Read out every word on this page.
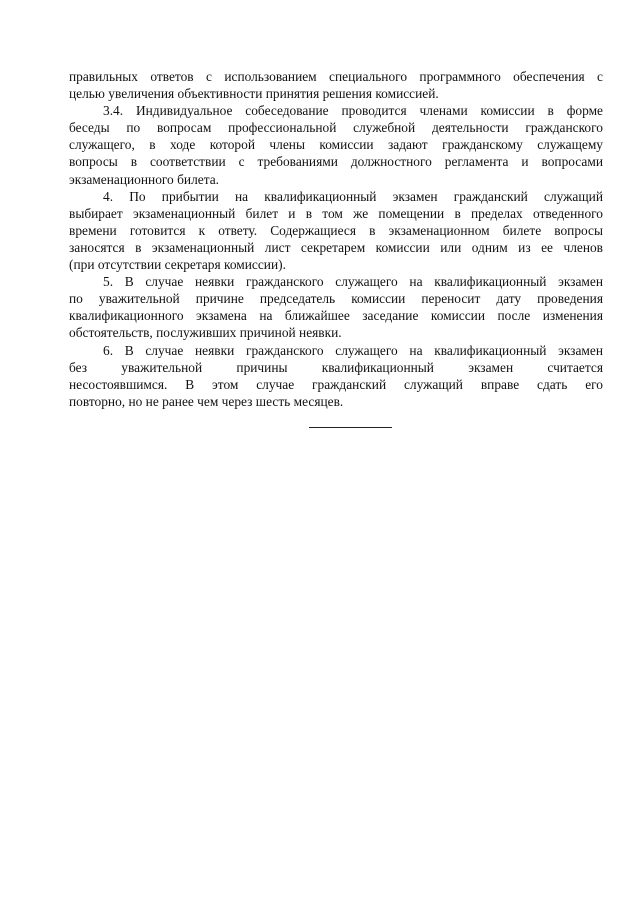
правильных ответов с использованием специального программного обеспечения с
целью увеличения объективности принятия решения комиссией.

3.4. Индивидуальное собеседование проводится членами комиссии в форме
беседы по вопросам профессиональной служебной деятельности гражданского
служащего, в ходе которой члены комиссии задают гражданскому служащему
вопросы в соответствии с требованиями должностного регламента и вопросами
экзаменационного билета.

4. По прибытии на квалификационный экзамен гражданский служащий
выбирает экзаменационный билет и в том же помещении в пределах отведенного
времени готовится к ответу. Содержащиеся в экзаменационном билете вопросы
заносятся в экзаменационный лист секретарем комиссии или одним из ее членов
(при отсутствии секретаря комиссии).

5. В случае неявки гражданского служащего на квалификационный экзамен
по уважительной причине председатель комиссии переносит дату проведения
квалификационного экзамена на ближайшее заседание комиссии после изменения
обстоятельств, послуживших причиной неявки.

6. В случае неявки гражданского служащего на квалификационный экзамен
без уважительной причины квалификационный экзамен считается
несостоявшимся. В этом случае гражданский служащий вправе сдать его
повторно, но не ранее чем через шесть месяцев.
